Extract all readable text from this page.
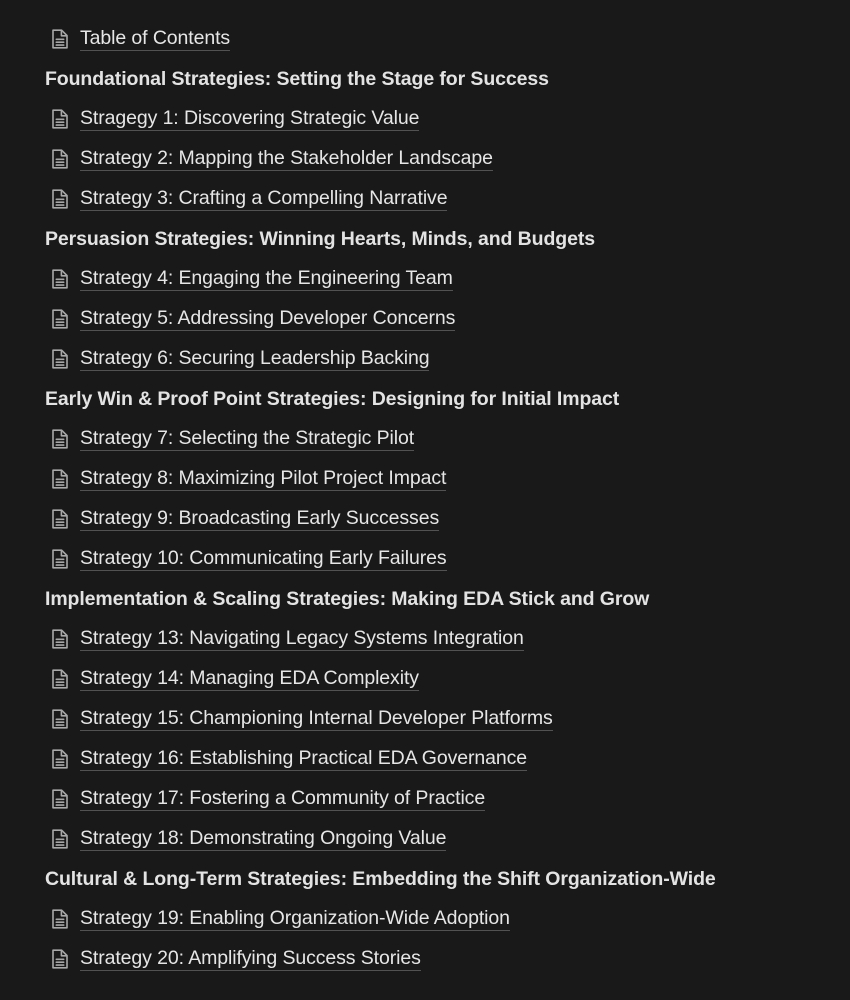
Table of Contents
Foundational Strategies: Setting the Stage for Success
Stragegy 1: Discovering Strategic Value
Strategy 2: Mapping the Stakeholder Landscape
Strategy 3: Crafting a Compelling Narrative
Persuasion Strategies: Winning Hearts, Minds, and Budgets
Strategy 4: Engaging the Engineering Team
Strategy 5: Addressing Developer Concerns
Strategy 6: Securing Leadership Backing
Early Win & Proof Point Strategies: Designing for Initial Impact
Strategy 7: Selecting the Strategic Pilot
Strategy 8: Maximizing Pilot Project Impact
Strategy 9: Broadcasting Early Successes
Strategy 10: Communicating Early Failures
Implementation & Scaling Strategies: Making EDA Stick and Grow
Strategy 13: Navigating Legacy Systems Integration
Strategy 14: Managing EDA Complexity
Strategy 15: Championing Internal Developer Platforms
Strategy 16: Establishing Practical EDA Governance
Strategy 17: Fostering a Community of Practice
Strategy 18: Demonstrating Ongoing Value
Cultural & Long-Term Strategies: Embedding the Shift Organization-Wide
Strategy 19: Enabling Organization-Wide Adoption
Strategy 20: Amplifying Success Stories
